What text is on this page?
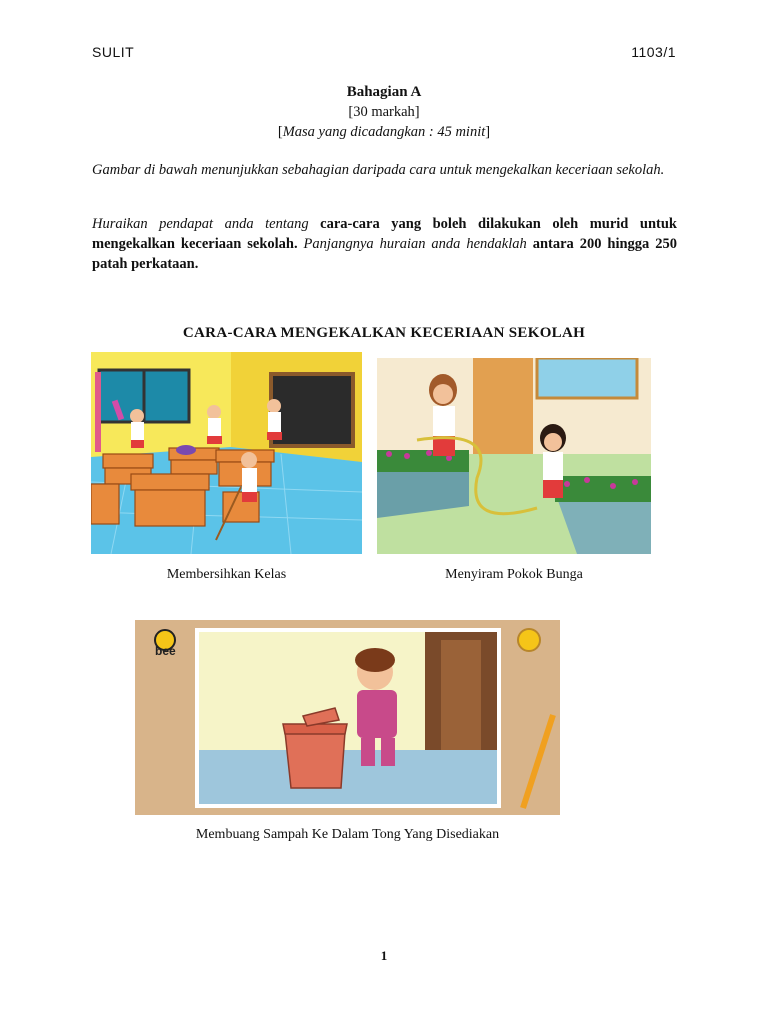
SULIT	1103/1
Bahagian A
[30 markah]
[Masa yang dicadangkan : 45 minit]
Gambar di bawah menunjukkan sebahagian daripada cara untuk mengekalkan keceriaan sekolah.
Huraikan pendapat anda tentang cara-cara yang boleh dilakukan oleh murid untuk mengekalkan keceriaan sekolah. Panjangnya huraian anda hendaklah antara 200 hingga 250 patah perkataan.
CARA-CARA MENGEKALKAN KECERIAAN SEKOLAH
Membersihkan Kelas	Menyiram Pokok Bunga
bee
Membuang Sampah Ke Dalam Tong Yang Disediakan
1
